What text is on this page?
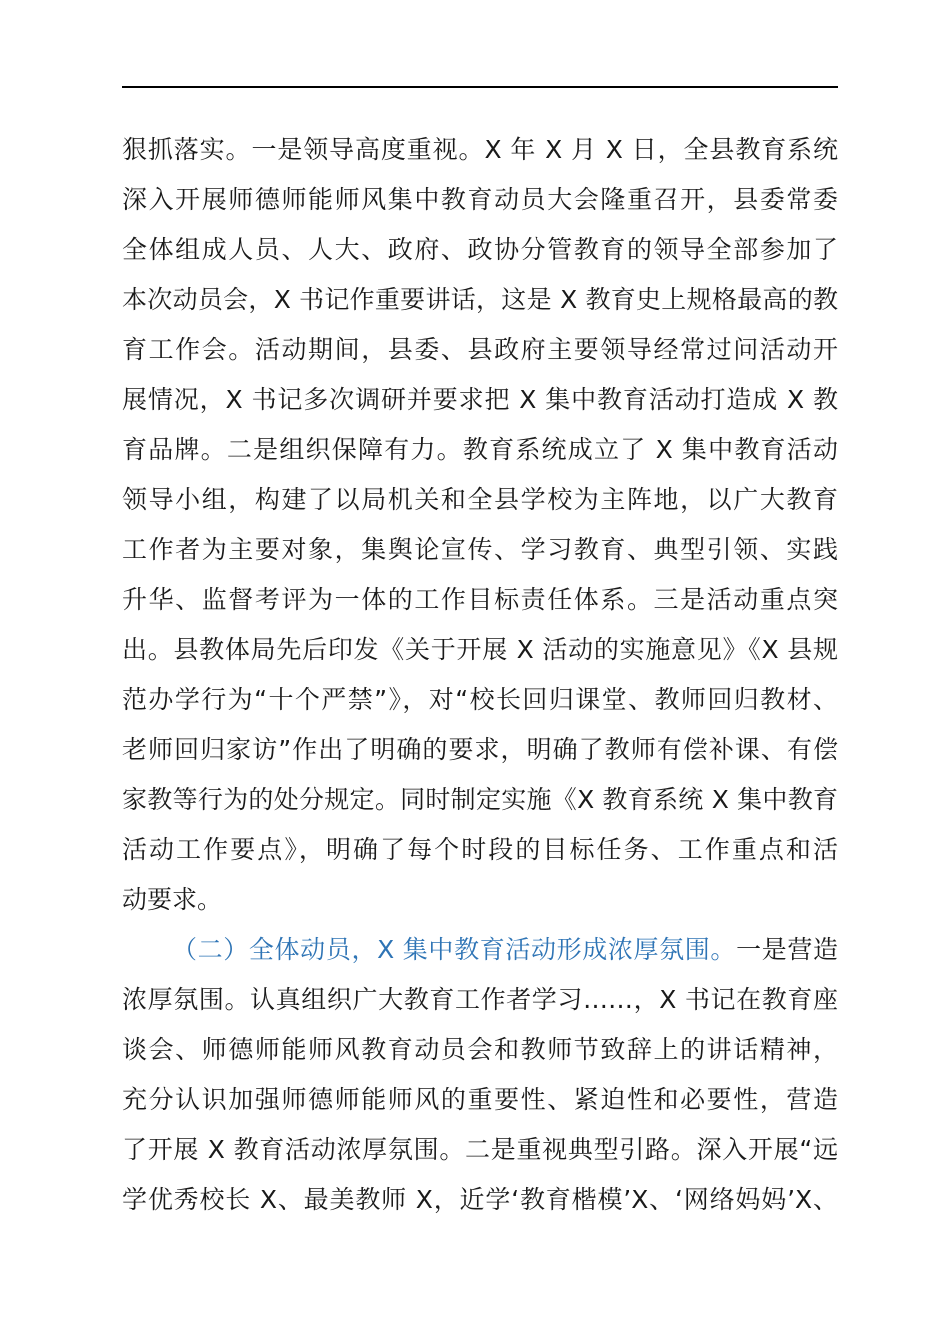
狠抓落实。一是领导高度重视。X 年 X 月 X 日，全县教育系统
深入开展师德师能师风集中教育动员大会隆重召开，县委常委
全体组成人员、人大、政府、政协分管教育的领导全部参加了
本次动员会，X 书记作重要讲话，这是 X 教育史上规格最高的教
育工作会。活动期间，县委、县政府主要领导经常过问活动开
展情况，X 书记多次调研并要求把 X 集中教育活动打造成 X 教
育品牌。二是组织保障有力。教育系统成立了 X 集中教育活动
领导小组，构建了以局机关和全县学校为主阵地，以广大教育
工作者为主要对象，集舆论宣传、学习教育、典型引领、实践
升华、监督考评为一体的工作目标责任体系。三是活动重点突
出。县教体局先后印发《关于开展 X 活动的实施意见》《X 县规
范办学行为“十个严禁”》，对“校长回归课堂、教师回归教材、
老师回归家访”作出了明确的要求，明确了教师有偿补课、有偿
家教等行为的处分规定。同时制定实施《X 教育系统 X 集中教育
活动工作要点》，明确了每个时段的目标任务、工作重点和活
动要求。
（二）全体动员，X 集中教育活动形成浓厚氛围。一是营造
浓厚氛围。认真组织广大教育工作者学习……，X 书记在教育座
谈会、师德师能师风教育动员会和教师节致辞上的讲话精神，
充分认识加强师德师能师风的重要性、紧迫性和必要性，营造
了开展 X 教育活动浓厚氛围。二是重视典型引路。深入开展“远
学优秀校长 X、最美教师 X，近学‘教育楷模’X、‘网络妈妈’X、
